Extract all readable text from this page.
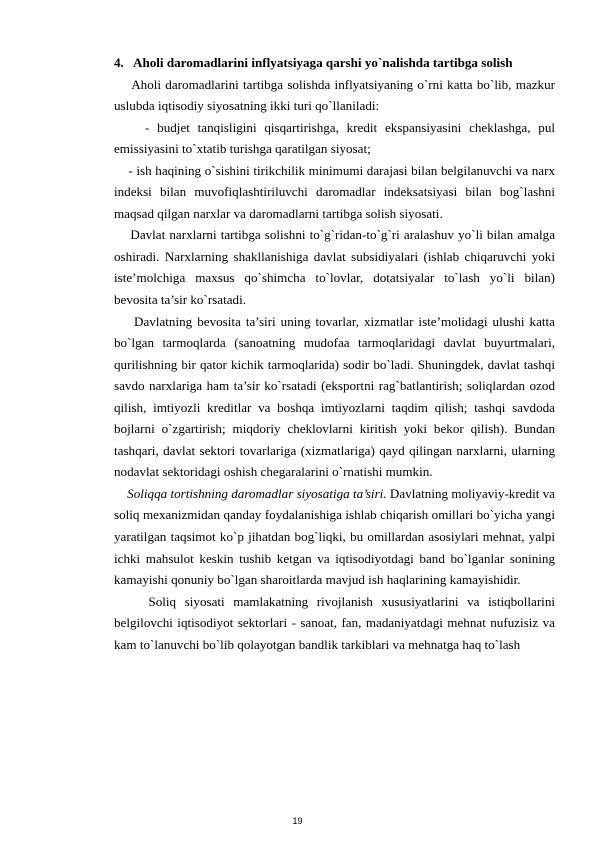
4. Aholi daromadlarini inflyatsiyaga qarshi yo`nalishda tartibga solish

Aholi daromadlarini tartibga solishda inflyatsiyaning o`rni katta bo`lib, mazkur uslubda iqtisodiy siyosatning ikki turi qo`llaniladi:

- budjet tanqisligini qisqartirishga, kredit ekspansiyasini cheklashga, pul emissiyasini to`xtatib turishga qaratilgan siyosat;

- ish haqining o`sishini tirikchilik minimumi darajasi bilan belgilanuvchi va narx indeksi bilan muvofiqlashtiriluvchi daromadlar indeksatsiyasi bilan bog`lashni maqsad qilgan narxlar va daromadlarni tartibga solish siyosati.

Davlat narxlarni tartibga solishni to`g`ridan-to`g`ri aralashuv yo`li bilan amalga oshiradi. Narxlarning shakllanishiga davlat subsidiyalari (ishlab chiqaruvchi yoki iste’molchiga maxsus qo`shimcha to`lovlar, dotatsiyalar to`lash yo`li bilan) bevosita ta’sir ko`rsatadi.

Davlatning bevosita ta’siri uning tovarlar, xizmatlar iste’molidagi ulushi katta bo`lgan tarmoqlarda (sanoatning mudofaa tarmoqlaridagi davlat buyurtmalari, qurilishning bir qator kichik tarmoqlarida) sodir bo`ladi. Shuningdek, davlat tashqi savdo narxlariga ham ta’sir ko`rsatadi (eksportni rag`batlantirish; soliqlardan ozod qilish, imtiyozli kreditlar va boshqa imtiyozlarni taqdim qilish; tashqi savdoda bojlarni o`zgartirish; miqdoriy cheklovlarni kiritish yoki bekor qilish). Bundan tashqari, davlat sektori tovarlariga (xizmatlariga) qayd qilingan narxlarni, ularning nodavlat sektoridagi oshish chegaralarini o`rnatishi mumkin.

Soliqqa tortishning daromadlar siyosatiga ta’siri. Davlatning moliyaviy-kredit va soliq mexanizmidan qanday foydalanishiga ishlab chiqarish omillari bo`yicha yangi yaratilgan taqsimot ko`p jihatdan bog`liqki, bu omillardan asosiylari mehnat, yalpi ichki mahsulot keskin tushib ketgan va iqtisodiyotdagi band bo`lganlar sonining kamayishi qonuniy bo`lgan sharoitlarda mavjud ish haqlarining kamayishidir.

Soliq siyosati mamlakatning rivojlanish xususiyatlarini va istiqbollarini belgilovchi iqtisodiyot sektorlari - sanoat, fan, madaniyatdagi mehnat nufuzisiz va kam to`lanuvchi bo`lib qolayotgan bandlik tarkiblari va mehnatga haq to`lash

19
